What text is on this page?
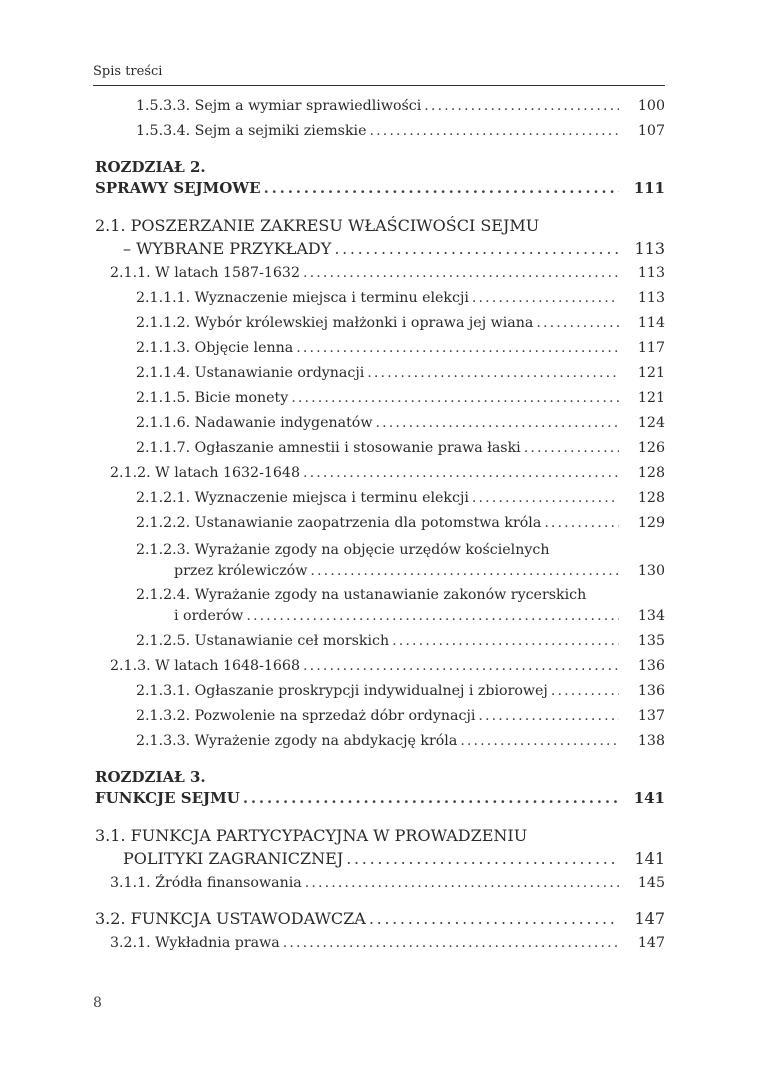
Spis treści
1.5.3.3. Sejm a wymiar sprawiedliwości . . .	100
1.5.3.4. Sejm a sejmiki ziemskie . . .	107
ROZDZIAŁ 2.
SPRAWY SEJMOWE . . .	111
2.1. POSZERZANIE ZAKRESU WŁAŚCIWOŚCI SEJMU
– WYBRANE PRZYKŁADY . . .	113
2.1.1. W latach 1587-1632 . . .	113
2.1.1.1. Wyznaczenie miejsca i terminu elekcji . . .	113
2.1.1.2. Wybór królewskiej małżonki i oprawa jej wiana . . .	114
2.1.1.3. Objęcie lenna . . .	117
2.1.1.4. Ustanawianie ordynacji . . .	121
2.1.1.5. Bicie monety . . .	121
2.1.1.6. Nadawanie indygenatów . . .	124
2.1.1.7. Ogłaszanie amnestii i stosowanie prawa łaski . . .	126
2.1.2. W latach 1632-1648 . . .	128
2.1.2.1. Wyznaczenie miejsca i terminu elekcji . . .	128
2.1.2.2. Ustanawianie zaopatrzenia dla potomstwa króla . . .	129
2.1.2.3. Wyrażanie zgody na objęcie urzędów kościelnych
przez królewiczów . . .	130
2.1.2.4. Wyrażanie zgody na ustanawianie zakonów rycerskich
i orderów . . .	134
2.1.2.5. Ustanawianie ceł morskich . . .	135
2.1.3. W latach 1648-1668 . . .	136
2.1.3.1. Ogłaszanie proskrypcji indywidualnej i zbiorowej . . .	136
2.1.3.2. Pozwolenie na sprzedaż dóbr ordynacji . . .	137
2.1.3.3. Wyrażenie zgody na abdykację króla . . .	138
ROZDZIAŁ 3.
FUNKCJE SEJMU . . .	141
3.1. FUNKCJA PARTYCYPACYJNA W PROWADZENIU
POLITYKI ZAGRANICZNEJ . . .	141
3.1.1. Źródła finansowania . . .	145
3.2. FUNKCJA USTAWODAWCZA . . .	147
3.2.1. Wykładnia prawa . . .	147
8
